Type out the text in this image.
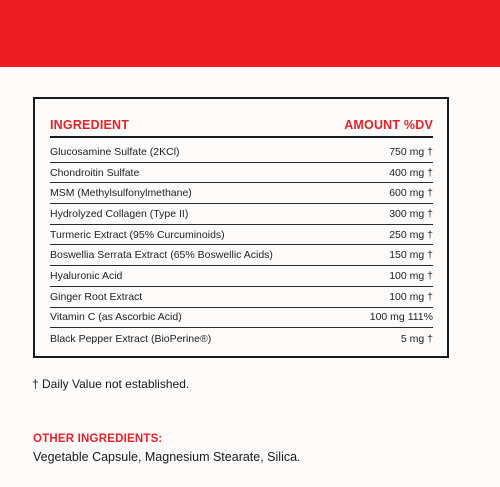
INGREDIENT	AMOUNT %DV
Glucosamine Sulfate (2KCl)	750 mg †
Chondroitin Sulfate	400 mg †
MSM (Methylsulfonylmethane)	600 mg †
Hydrolyzed Collagen (Type II)	300 mg †
Turmeric Extract (95% Curcuminoids)	250 mg †
Boswellia Serrata Extract (65% Boswellic Acids)	150 mg †
Hyaluronic Acid	100 mg †
Ginger Root Extract	100 mg †
Vitamin C (as Ascorbic Acid)	100 mg 111%
Black Pepper Extract (BioPerine®)	5 mg †
† Daily Value not established.
OTHER INGREDIENTS:
Vegetable Capsule, Magnesium Stearate, Silica.
